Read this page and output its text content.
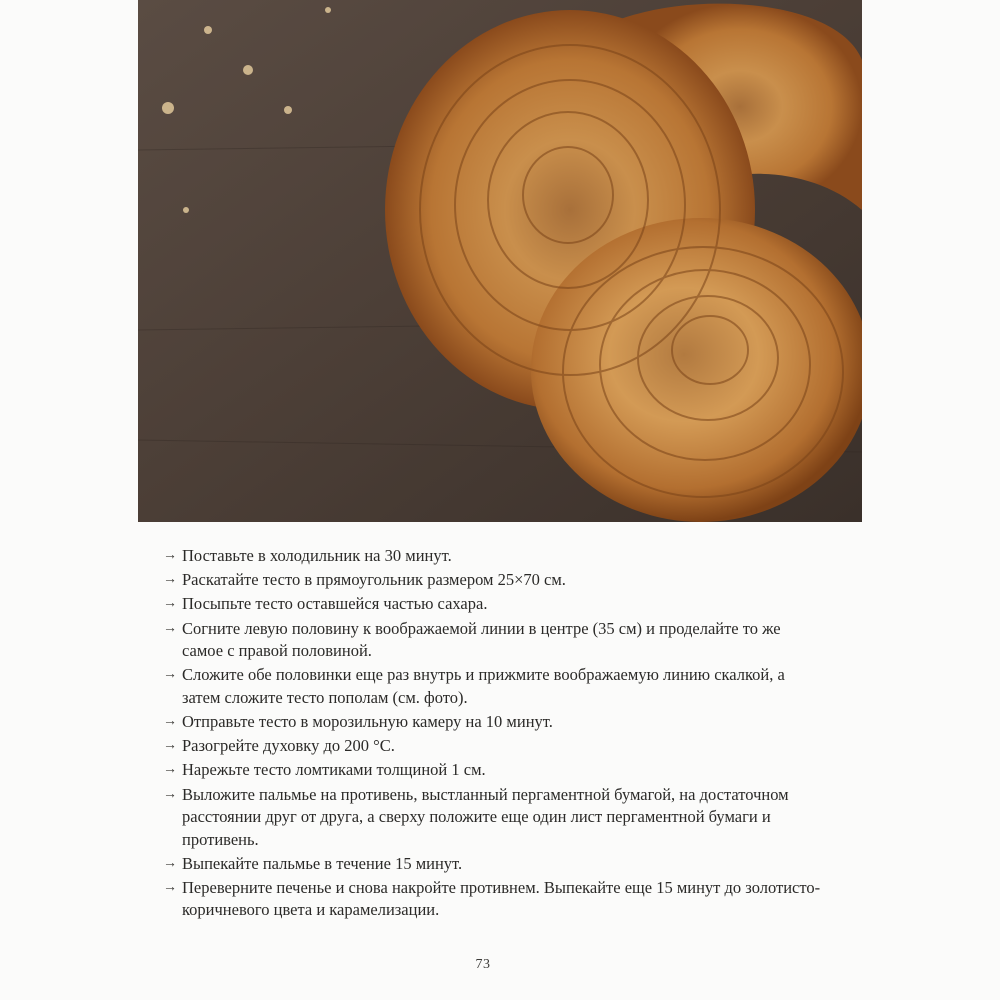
→ Поставьте в холодильник на 30 минут.
→ Раскатайте тесто в прямоугольник размером 25×70 см.
→ Посыпьте тесто оставшейся частью сахара.
→ Согните левую половину к воображаемой линии в центре (35 см) и проделайте то же самое с правой половиной.
→ Сложите обе половинки еще раз внутрь и прижмите воображаемую линию скалкой, а затем сложите тесто пополам (см. фото).
→ Отправьте тесто в морозильную камеру на 10 минут.
→ Разогрейте духовку до 200 °С.
→ Нарежьте тесто ломтиками толщиной 1 см.
→ Выложите пальмье на противень, выстланный пергаментной бумагой, на достаточном расстоянии друг от друга, а сверху положите еще один лист пергаментной бумаги и противень.
→ Выпекайте пальмье в течение 15 минут.
→ Переверните печенье и снова накройте противнем. Выпекайте еще 15 минут до золотисто-коричневого цвета и карамелизации.
73
